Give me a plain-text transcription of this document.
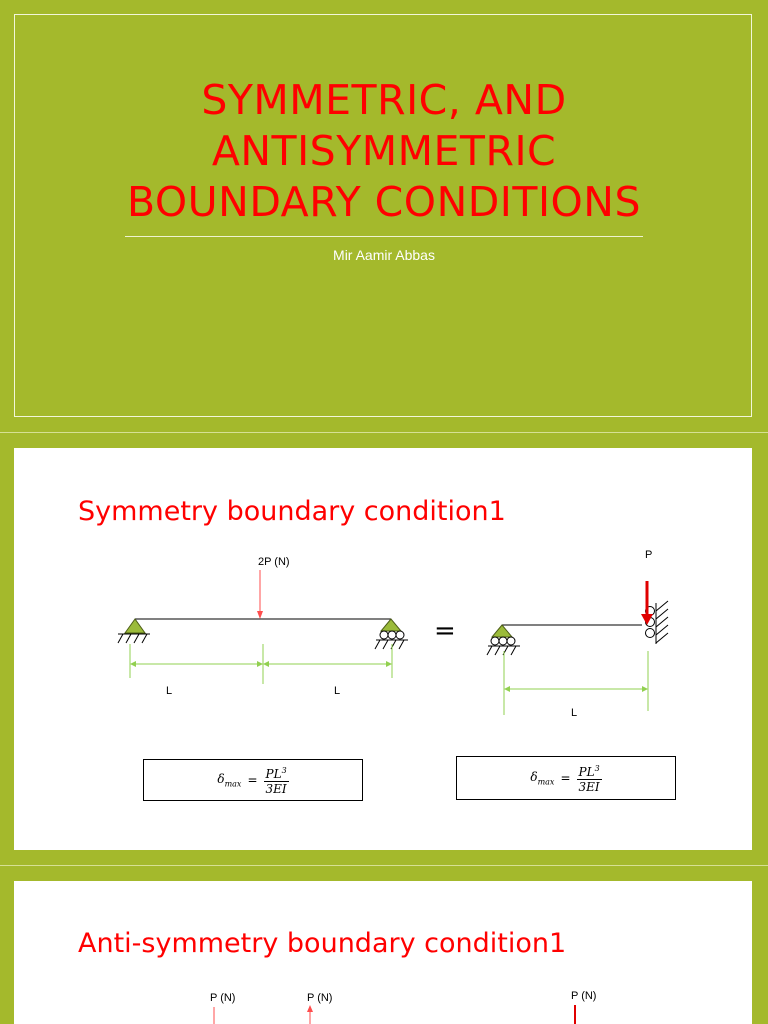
SYMMETRIC, AND
ANTISYMMETRIC
BOUNDARY CONDITIONS
Mir Aamir Abbas
Symmetry boundary condition1
2P (N)
L	L
P
L
=
$\delta_{max} = \frac{PL^3}{3EI}$	$\delta_{max} = \frac{PL^3}{3EI}$
Anti-symmetry boundary condition1
P (N)	P (N)	P (N)
